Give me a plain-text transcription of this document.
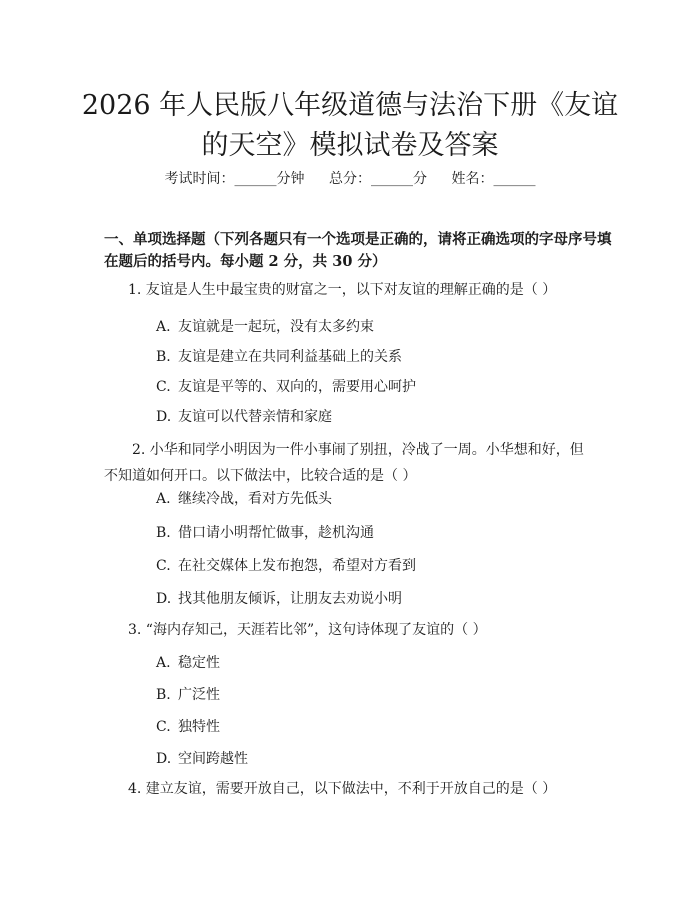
2026 年人民版八年级道德与法治下册《友谊
的天空》模拟试卷及答案
考试时间：______分钟 总分：______分 姓名：______
一、单项选择题（下列各题只有一个选项是正确的，请将正确选项的字母序号填在题后的括号内。每小题 2 分，共 30 分）
1. 友谊是人生中最宝贵的财富之一，以下对友谊的理解正确的是（ ）
A. 友谊就是一起玩，没有太多约束
B. 友谊是建立在共同利益基础上的关系
C. 友谊是平等的、双向的，需要用心呵护
D. 友谊可以代替亲情和家庭
2. 小华和同学小明因为一件小事闹了别扭，冷战了一周。小华想和好，但不知道如何开口。以下做法中，比较合适的是（ ）
A. 继续冷战，看对方先低头
B. 借口请小明帮忙做事，趁机沟通
C. 在社交媒体上发布抱怨，希望对方看到
D. 找其他朋友倾诉，让朋友去劝说小明
3. “海内存知己，天涯若比邻”，这句诗体现了友谊的（ ）
A. 稳定性
B. 广泛性
C. 独特性
D. 空间跨越性
4. 建立友谊，需要开放自己，以下做法中，不利于开放自己的是（ ）
